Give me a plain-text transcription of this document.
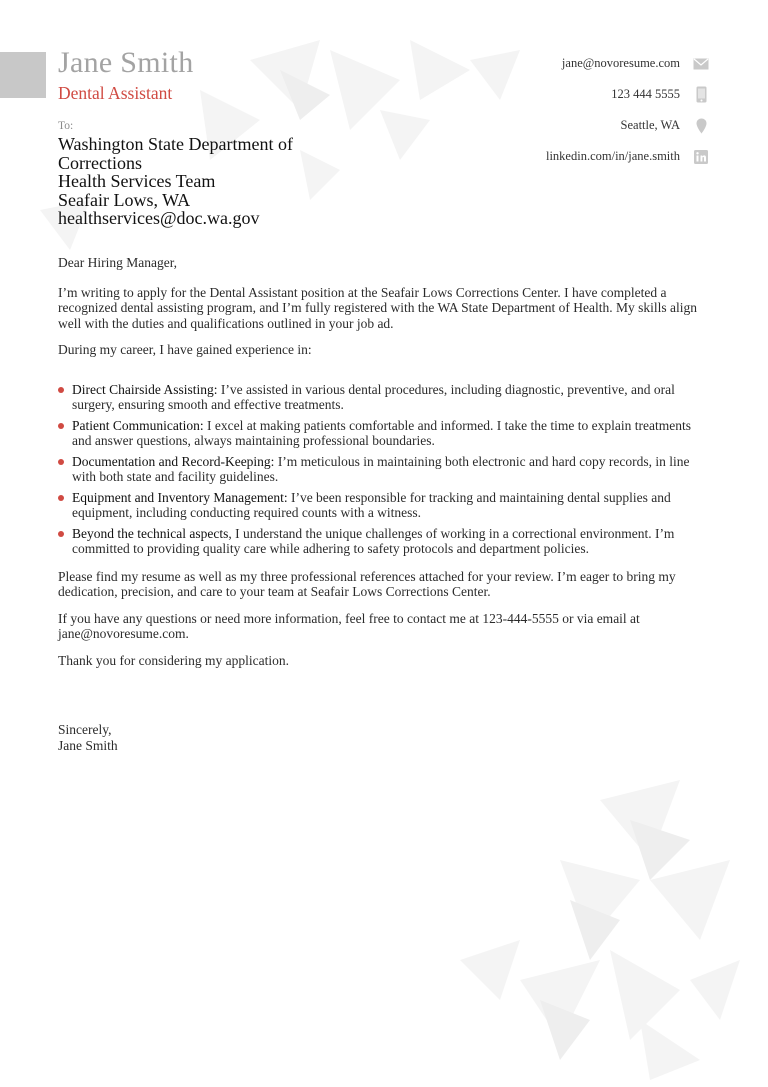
Jane Smith
Dental Assistant
jane@novoresume.com
123 444 5555
Seattle, WA
linkedin.com/in/jane.smith
To:
Washington State Department of Corrections
Health Services Team
Seafair Lows, WA
healthservices@doc.wa.gov

Dear Hiring Manager,

I’m writing to apply for the Dental Assistant position at the Seafair Lows Corrections Center. I have completed a recognized dental assisting program, and I’m fully registered with the WA State Department of Health. My skills align well with the duties and qualifications outlined in your job ad.

During my career, I have gained experience in:

Direct Chairside Assisting: I’ve assisted in various dental procedures, including diagnostic, preventive, and oral surgery, ensuring smooth and effective treatments.
Patient Communication: I excel at making patients comfortable and informed. I take the time to explain treatments and answer questions, always maintaining professional boundaries.
Documentation and Record-Keeping: I’m meticulous in maintaining both electronic and hard copy records, in line with both state and facility guidelines.
Equipment and Inventory Management: I’ve been responsible for tracking and maintaining dental supplies and equipment, including conducting required counts with a witness.
Beyond the technical aspects, I understand the unique challenges of working in a correctional environment. I’m committed to providing quality care while adhering to safety protocols and department policies.

Please find my resume as well as my three professional references attached for your review. I’m eager to bring my dedication, precision, and care to your team at Seafair Lows Corrections Center.

If you have any questions or need more information, feel free to contact me at 123-444-5555 or via email at jane@novoresume.com.

Thank you for considering my application.

Sincerely,
Jane Smith
